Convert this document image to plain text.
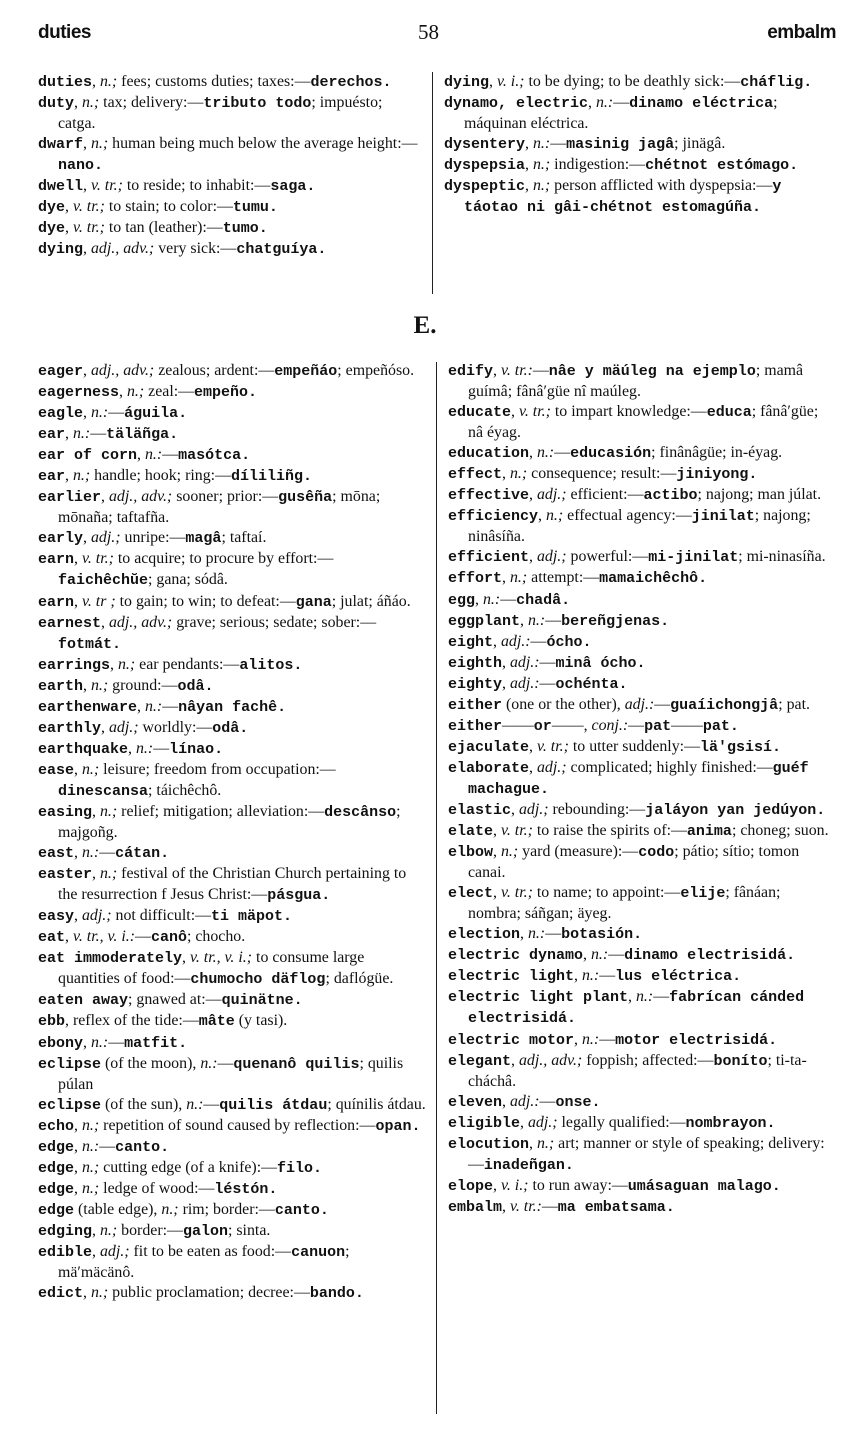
duties	58	embalm

duties, n.; fees; customs duties; taxes:—derechos.

duty, n.; tax; delivery:—tributo todo; impuésto; catga.

dwarf, n.; human being much below the average height:—nano.

dwell, v. tr.; to reside; to inhabit:—saga.

dye, v. tr.; to stain; to color:—tumu.

dye, v. tr.; to tan (leather):—tumo.

dying, adj., adv.; very sick:—chatguíya.

dying, v. i.; to be dying; to be deathly sick:—cháflig.

dynamo, electric, n.:—dinamo eléctrica; máquinan eléctrica.

dysentery, n.:—masinig jagâ; jinägâ.

dyspepsia, n.; indigestion:—chétnot estómago.

dyspeptic, n.; person afflicted with dyspepsia:—y táotao ni gâi-chétnot estomagúña.

E.

eager, adj., adv.; zealous; ardent:—empeñáo; empeñóso.

eagerness, n.; zeal:—empeño.

eagle, n.:—águila.

ear, n.:—täläñga.

ear of corn, n.:—masótca.

ear, n.; handle; hook; ring:—díliliñg.

earlier, adj., adv.; sooner; prior:—gusêña; mōna; mōnaña; taftafña.

early, adj.; unripe:—magâ; taftaí.

earn, v. tr.; to acquire; to procure by effort:—faichêchŭe; gana; sódâ.

earn, v. tr ; to gain; to win; to defeat:—gana; julat; áñáo.

earnest, adj., adv.; grave; serious; sedate; sober:—fotmát.

earrings, n.; ear pendants:—alitos.

earth, n.; ground:—odâ.

earthenware, n.:—nâyan fachê.

earthly, adj.; worldly:—odâ.

earthquake, n.:—línao.

ease, n.; leisure; freedom from occupation:—dinescansa; táichêchô.

easing, n.; relief; mitigation; alleviation:—descânso; majgoñg.

east, n.:—cátan.

easter, n.; festival of the Christian Church pertaining to the resurrection f Jesus Christ:—pásgua.

easy, adj.; not difficult:—ti mäpot.

eat, v. tr., v. i.:—canô; chocho.

eat immoderately, v. tr., v. i.; to consume large quantities of food:—chumocho däflog; daflógüe.

eaten away; gnawed at:—quinätne.

ebb, reflex of the tide:—mâte (y tasi).

ebony, n.:—matfit.

eclipse (of the moon), n.:—quenanô quilis; quilis púlan

eclipse (of the sun), n.:—quilis átdau; quínilis átdau.

echo, n.; repetition of sound caused by reflection:—opan.

edge, n.:—canto.

edge, n.; cutting edge (of a knife):—filo.

edge, n.; ledge of wood:—léstón.

edge (table edge), n.; rim; border:—canto.

edging, n.; border:—galon; sinta.

edible, adj.; fit to be eaten as food:—canuon; mä′mäcänô.

edict, n.; public proclamation; decree:—bando.

edify, v. tr.:—nâe y mäúleg na ejemplo; mamâ guímâ; fânâ′güe nî maúleg.

educate, v. tr.; to impart knowledge:—educa; fânâ′güe; nâ éyag.

education, n.:—educasión; finânâgüe; in-éyag.

effect, n.; consequence; result:—jiniyong.

effective, adj.; efficient:—actibo; najong; man júlat.

efficiency, n.; effectual agency:—jinilat; najong; ninâsíña.

efficient, adj.; powerful:—mi-jinilat; mi-ninasíña.

effort, n.; attempt:—mamaichêchô.

egg, n.:—chadâ.

eggplant, n.:—bereñgjenas.

eight, adj.:—ócho.

eighth, adj.:—minâ ócho.

eighty, adj.:—ochénta.

either (one or the other), adj.:—guaíichongjâ; pat.

either——or——, conj.:—pat——pat.

ejaculate, v. tr.; to utter suddenly:—lä′gsisí.

elaborate, adj.; complicated; highly finished:—guéf machague.

elastic, adj.; rebounding:—jaláyon yan jedúyon.

elate, v. tr.; to raise the spirits of:—anima; choneg; suon.

elbow, n.; yard (measure):—codo; pátio; sítio; tomon canai.

elect, v. tr.; to name; to appoint:—elije; fânáan; nombra; sáñgan; äyeg.

election, n.:—botasión.

electric dynamo, n.:—dinamo electrisidá.

electric light, n.:—lus eléctrica.

electric light plant, n.:—fabrícan cánded electrisidá.

electric motor, n.:—motor electrisidá.

elegant, adj., adv.; foppish; affected:—boníto; ti-ta-cháchâ.

eleven, adj.:—onse.

eligible, adj.; legally qualified:—nombrayon.

elocution, n.; art; manner or style of speaking; delivery:—inadeñgan.

elope, v. i.; to run away:—umásaguan malago.

embalm, v. tr.:—ma embatsama.
